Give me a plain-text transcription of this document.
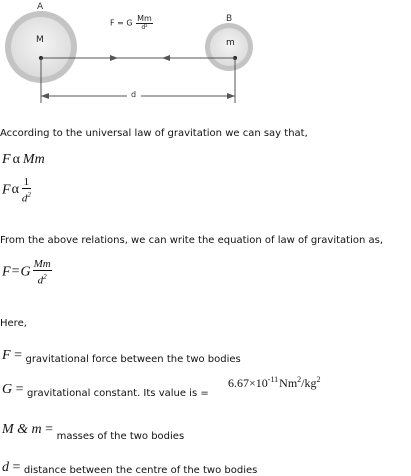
A
B
M	m
F = G $\frac{Mm}{\text{d²}}$
d
According to the universal law of gravitation we can say that,
F α Mm
Fα $\frac{1}{d^2}$
From the above relations, we can write the equation of law of gravitation as,
$F=G \frac{Mm}{d^2}$
Here,
F = gravitational force between the two bodies
G = gravitational constant. Its value is =
$6.67\times 10^{-11}$ $Nm^2/kg^2$
M & m = $_{masses of the two bodies}$
d = distance between the centre of the two bodies
